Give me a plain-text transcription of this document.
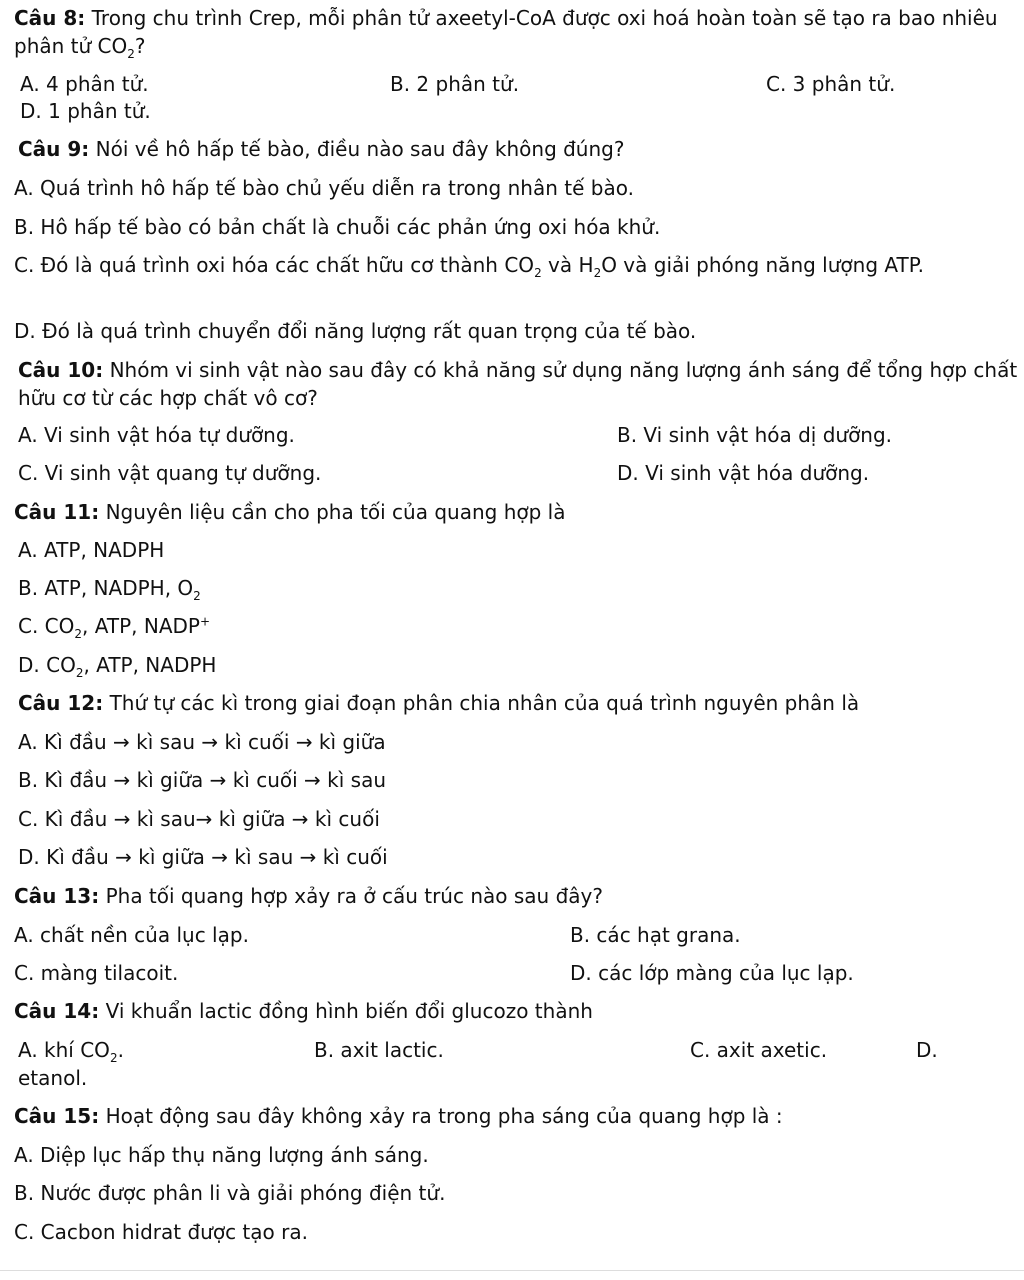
Câu 8: Trong chu trình Crep, mỗi phân tử axeetyl-CoA được oxi hoá hoàn toàn sẽ tạo ra bao nhiêu phân tử $CO_2$?
A. 4 phân tử.	B. 2 phân tử.	C. 3 phân tử.
D. 1 phân tử.
Câu 9: Nói về hô hấp tế bào, điều nào sau đây không đúng?
A. Quá trình hô hấp tế bào chủ yếu diễn ra trong nhân tế bào.
B. Hô hấp tế bào có bản chất là chuỗi các phản ứng oxi hóa khử.
C. Đó là quá trình oxi hóa các chất hữu cơ thành $CO_2$ và $H_2O$ và giải phóng năng lượng ATP.
D. Đó là quá trình chuyển đổi năng lượng rất quan trọng của tế bào.
Câu 10: Nhóm vi sinh vật nào sau đây có khả năng sử dụng năng lượng ánh sáng để tổng hợp chất hữu cơ từ các hợp chất vô cơ?
A. Vi sinh vật hóa tự dưỡng.	B. Vi sinh vật hóa dị dưỡng.
C. Vi sinh vật quang tự dưỡng.	D. Vi sinh vật hóa dưỡng.
Câu 11: Nguyên liệu cần cho pha tối của quang hợp là
A. ATP, NADPH
B. ATP, NADPH, $O_2$
C. $CO_2$, ATP, NADP+
D. $CO_2$, ATP, NADPH
Câu 12: Thứ tự các kì trong giai đoạn phân chia nhân của quá trình nguyên phân là
A. Kì đầu → kì sau → kì cuối → kì giữa
B. Kì đầu → kì giữa → kì cuối → kì sau
C. Kì đầu → kì sau→ kì giữa → kì cuối
D. Kì đầu → kì giữa → kì sau → kì cuối
Câu 13: Pha tối quang hợp xảy ra ở cấu trúc nào sau đây?
A. chất nền của lục lạp.	B. các hạt grana.
C. màng tilacoit.	D. các lớp màng của lục lạp.
Câu 14: Vi khuẩn lactic đồng hình biến đổi glucozo thành
A. khí $CO_2$.	B. axit lactic.	C. axit axetic.	D.
etanol.
Câu 15: Hoạt động sau đây không xảy ra trong pha sáng của quang hợp là :
A. Diệp lục hấp thụ năng lượng ánh sáng.
B. Nước được phân li và giải phóng điện tử.
C. Cacbon hidrat được tạo ra.
